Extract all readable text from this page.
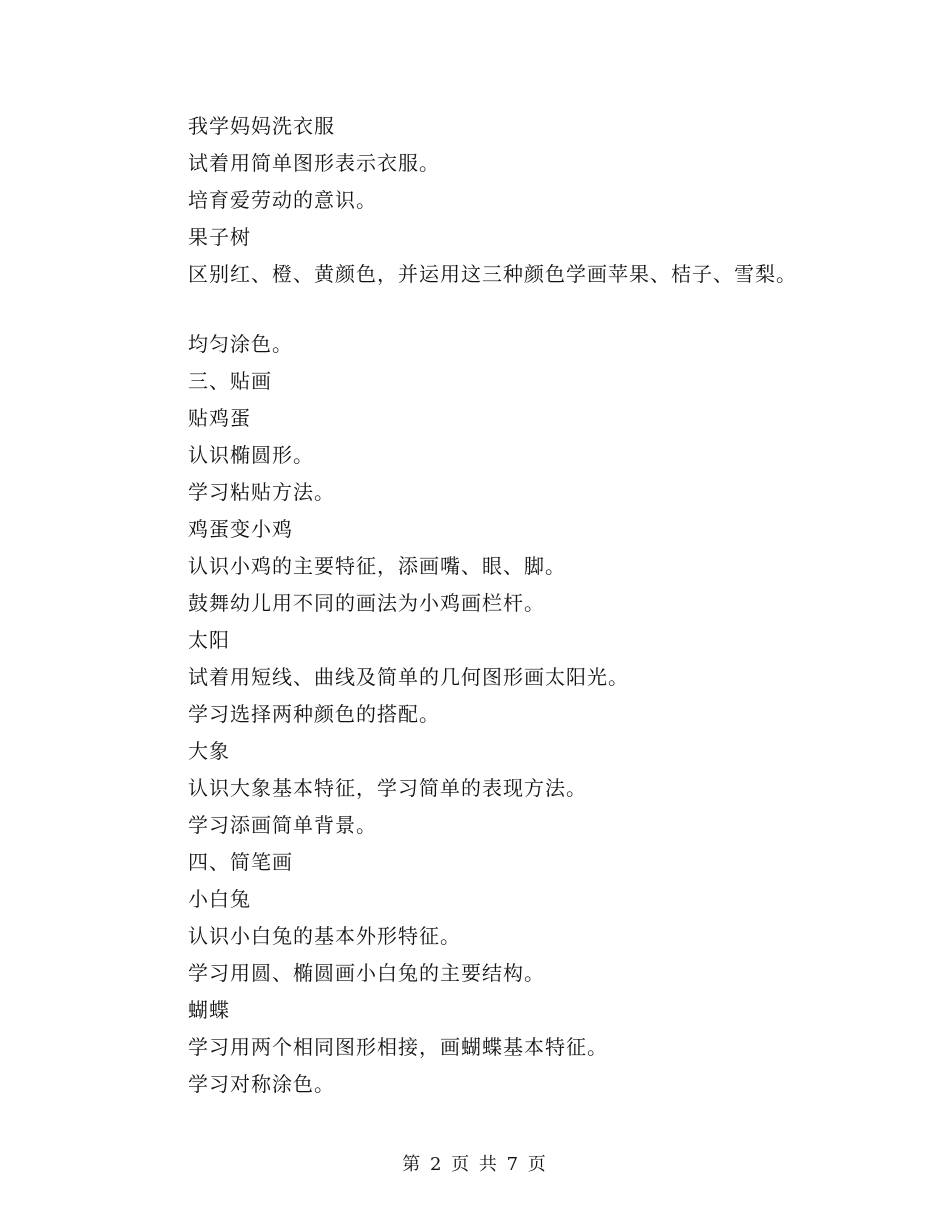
我学妈妈洗衣服
试着用简单图形表示衣服。
培育爱劳动的意识。
果子树
区别红、橙、黄颜色，并运用这三种颜色学画苹果、桔子、雪梨。
均匀涂色。
三、贴画
贴鸡蛋
认识椭圆形。
学习粘贴方法。
鸡蛋变小鸡
认识小鸡的主要特征，添画嘴、眼、脚。
鼓舞幼儿用不同的画法为小鸡画栏杆。
太阳
试着用短线、曲线及简单的几何图形画太阳光。
学习选择两种颜色的搭配。
大象
认识大象基本特征，学习简单的表现方法。
学习添画简单背景。
四、简笔画
小白兔
认识小白兔的基本外形特征。
学习用圆、椭圆画小白兔的主要结构。
蝴蝶
学习用两个相同图形相接，画蝴蝶基本特征。
学习对称涂色。
第 2 页 共 7 页
